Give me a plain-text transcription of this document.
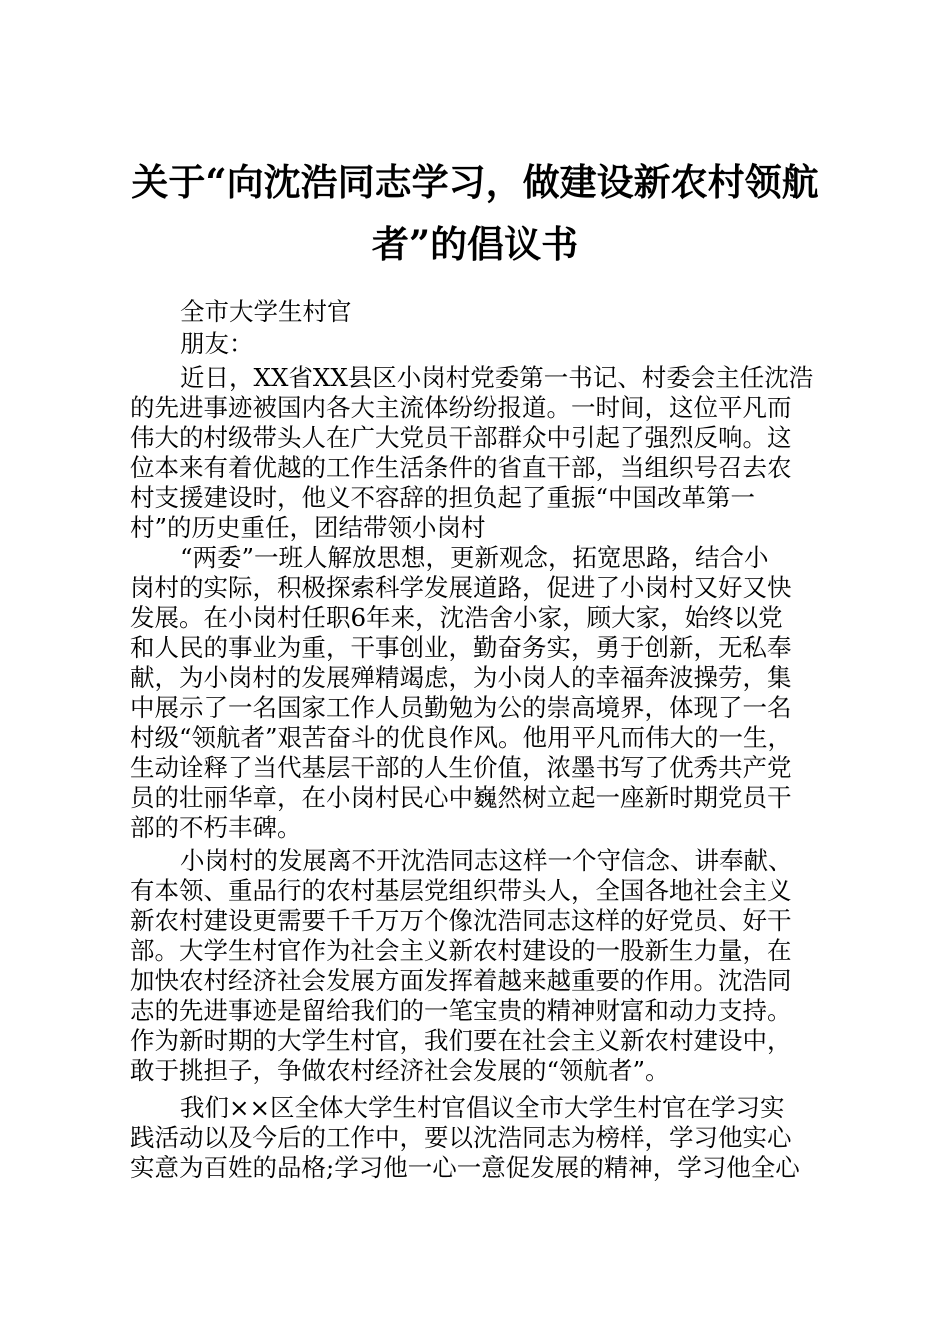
关于“向沈浩同志学习，做建设新农村领航
者”的倡议书
全市大学生村官
朋友：
近日，XX省XX县区小岗村党委第一书记、村委会主任沈浩
的先进事迹被国内各大主流体纷纷报道。一时间，这位平凡而
伟大的村级带头人在广大党员干部群众中引起了强烈反响。这
位本来有着优越的工作生活条件的省直干部，当组织号召去农
村支援建设时，他义不容辞的担负起了重振“中国改革第一
村”的历史重任，团结带领小岗村
“两委”一班人解放思想，更新观念，拓宽思路，结合小
岗村的实际，积极探索科学发展道路，促进了小岗村又好又快
发展。在小岗村任职6年来，沈浩舍小家，顾大家，始终以党
和人民的事业为重，干事创业，勤奋务实，勇于创新，无私奉
献，为小岗村的发展殚精竭虑，为小岗人的幸福奔波操劳，集
中展示了一名国家工作人员勤勉为公的崇高境界，体现了一名
村级“领航者”艰苦奋斗的优良作风。他用平凡而伟大的一生，
生动诠释了当代基层干部的人生价值，浓墨书写了优秀共产党
员的壮丽华章，在小岗村民心中巍然树立起一座新时期党员干
部的不朽丰碑。
小岗村的发展离不开沈浩同志这样一个守信念、讲奉献、
有本领、重品行的农村基层党组织带头人，全国各地社会主义
新农村建设更需要千千万万个像沈浩同志这样的好党员、好干
部。大学生村官作为社会主义新农村建设的一股新生力量，在
加快农村经济社会发展方面发挥着越来越重要的作用。沈浩同
志的先进事迹是留给我们的一笔宝贵的精神财富和动力支持。
作为新时期的大学生村官，我们要在社会主义新农村建设中，
敢于挑担子，争做农村经济社会发展的“领航者”。
我们××区全体大学生村官倡议全市大学生村官在学习实
践活动以及今后的工作中，要以沈浩同志为榜样，学习他实心
实意为百姓的品格;学习他一心一意促发展的精神，学习他全心
